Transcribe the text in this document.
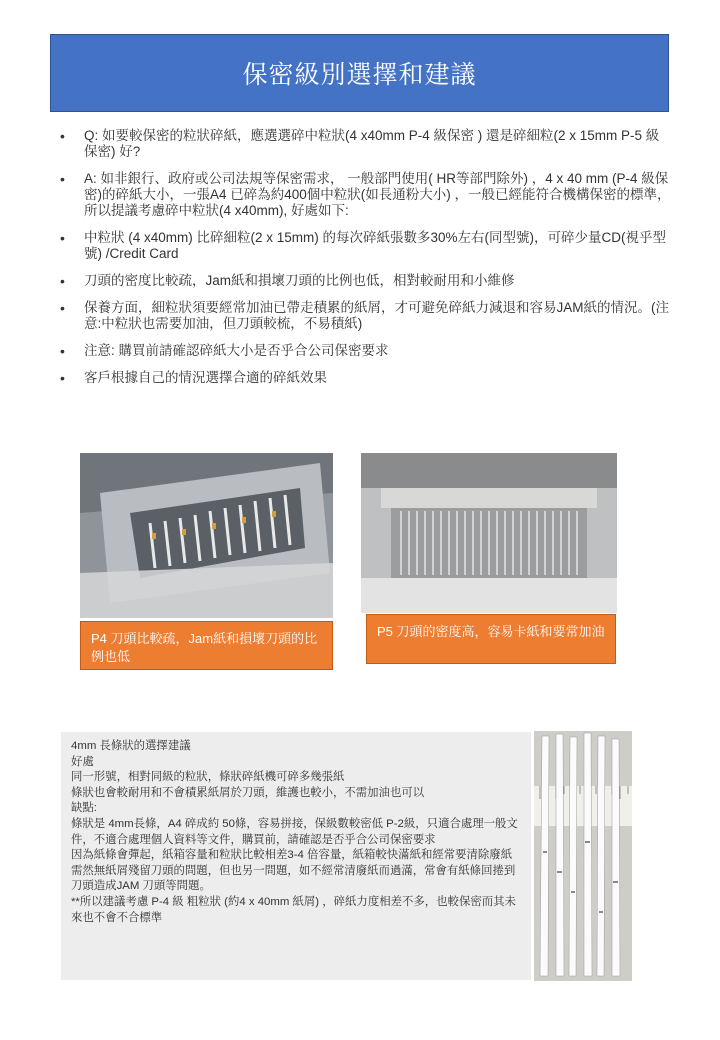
保密級別選擇和建議
• Q: 如要較保密的粒狀碎紙，應選選碎中粒狀(4 x40mm P-4 級保密 ) 還是碎細粒(2 x 15mm P-5 級保密) 好?
• A: 如非銀行、政府或公司法規等保密需求， 一般部門使用( HR等部門除外) ，4 x 40 mm (P-4 級保密)的碎紙大小，一張A4 已碎為約400個中粒狀(如長通粉大小) ，一般已經能符合機構保密的標準，所以提議考慮碎中粒狀(4 x40mm), 好處如下:
• 中粒狀 (4 x40mm) 比碎細粒(2 x 15mm) 的每次碎紙張數多30%左右(同型號)，可碎少量CD(視乎型號) /Credit Card
• 刀頭的密度比較疏，Jam紙和損壞刀頭的比例也低，相對較耐用和小維修
• 保養方面，細粒狀須要經常加油已帶走積累的紙屑，才可避免碎紙力減退和容易JAM紙的情況。(注意:中粒狀也需要加油，但刀頭較梳，不易積紙)
• 注意: 購買前請確認碎紙大小是否乎合公司保密要求
• 客戶根據自己的情況選擇合適的碎紙效果
P4 刀頭比較疏，Jam紙和損壞刀頭的比例也低
P5 刀頭的密度高，容易卡紙和要常加油
4mm 長條狀的選擇建議
好處
同一形號，相對同級的粒狀，條狀碎紙機可碎多幾張紙
條狀也會較耐用和不會積累紙屑於刀頭，維護也較小，不需加油也可以
缺點:
條狀是 4mm長條，A4 碎成約 50條，容易拼接，保級數較密低 P-2級，只適合處理一般文件，不適合處理個人資料等文件，購買前，請確認是否乎合公司保密要求
因為紙條會彈起，紙箱容量和粒狀比較相差3-4 倍容量，紙箱較快滿紙和經常要清除廢紙
需然無紙屑殘留刀頭的問題，但也另一問題，如不經常清廢紙而過滿，常會有紙條回捲到刀頭造成JAM 刀頭等問題。
**所以建議考慮 P-4 級 粗粒狀 (約4 x 40mm 紙屑) ，碎紙力度相差不多，也較保密而其未來也不會不合標準
